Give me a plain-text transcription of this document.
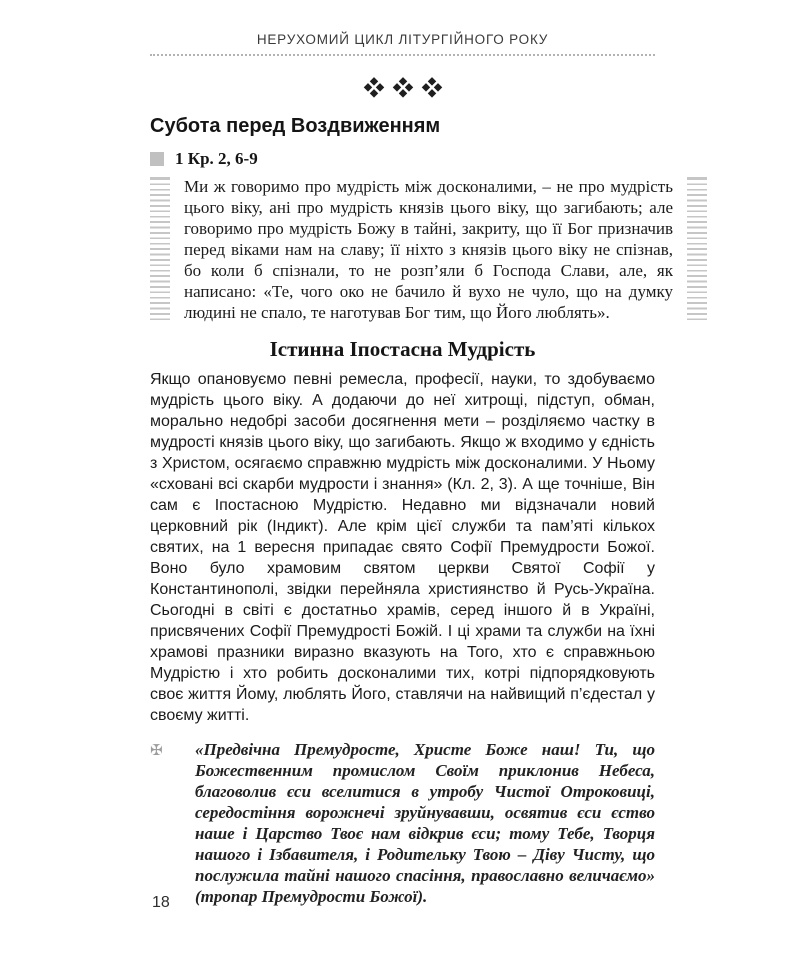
НЕРУХОМИЙ ЦИКЛ ЛІТУРГІЙНОГО РОКУ
Субота перед Воздвиженням
1 Кр. 2, 6-9
Ми ж говоримо про мудрість між досконалими, – не про мудрість цього віку, ані про мудрість князів цього віку, що загибають; але говоримо про мудрість Божу в тайні, закриту, що її Бог призначив перед віками нам на славу; її ніхто з князів цього віку не спізнав, бо коли б спізнали, то не розп’яли б Господа Слави, але, як написано: «Те, чого око не бачило й вухо не чуло, що на думку людині не спало, те наготував Бог тим, що Його люблять».
Істинна Іпостасна Мудрість

Якщо опановуємо певні ремесла, професії, науки, то здобуваємо мудрість цього віку. А додаючи до неї хитрощі, підступ, обман, морально недобрі засоби досягнення мети – розділяємо частку в мудрості князів цього віку, що загибають. Якщо ж входимо у єдність з Христом, осягаємо справжню мудрість між досконалими. У Ньому «сховані всі скарби мудрости і знання» (Кл. 2, 3). А ще точніше, Він сам є Іпостасною Мудрістю. Недавно ми відзначали новий церковний рік (Індикт). Але крім цієї служби та пам’яті кількох святих, на 1 вересня припадає свято Софії Премудрости Божої. Воно було храмовим святом церкви Святої Софії у Константинополі, звідки перейняла християнство й Русь-Україна. Сьогодні в світі є достатньо храмів, серед іншого й в Україні, присвячених Софії Премудрості Божій. І ці храми та служби на їхні храмові празники виразно вказують на Того, хто є справжньою Мудрістю і хто робить досконалими тих, котрі підпорядковують своє життя Йому, люблять Його, ставлячи на найвищий п’єдестал у своєму житті.

✠	«Предвічна Премудросте, Христе Боже наш! Ти, що Божественним промислом Своїм приклонив Небеса, благоволив єси вселитися в утробу Чистої Отроковиці, середостіння ворожнечі зруйнувавши, освятив єси єство наше і Царство Твоє нам відкрив єси; тому Тебе, Творця нашого і Ізбавителя, і Родительку Твою – Діву Чисту, що послужила тайні нашого спасіння, православно величаємо» (тропар Премудрости Божої).
18
